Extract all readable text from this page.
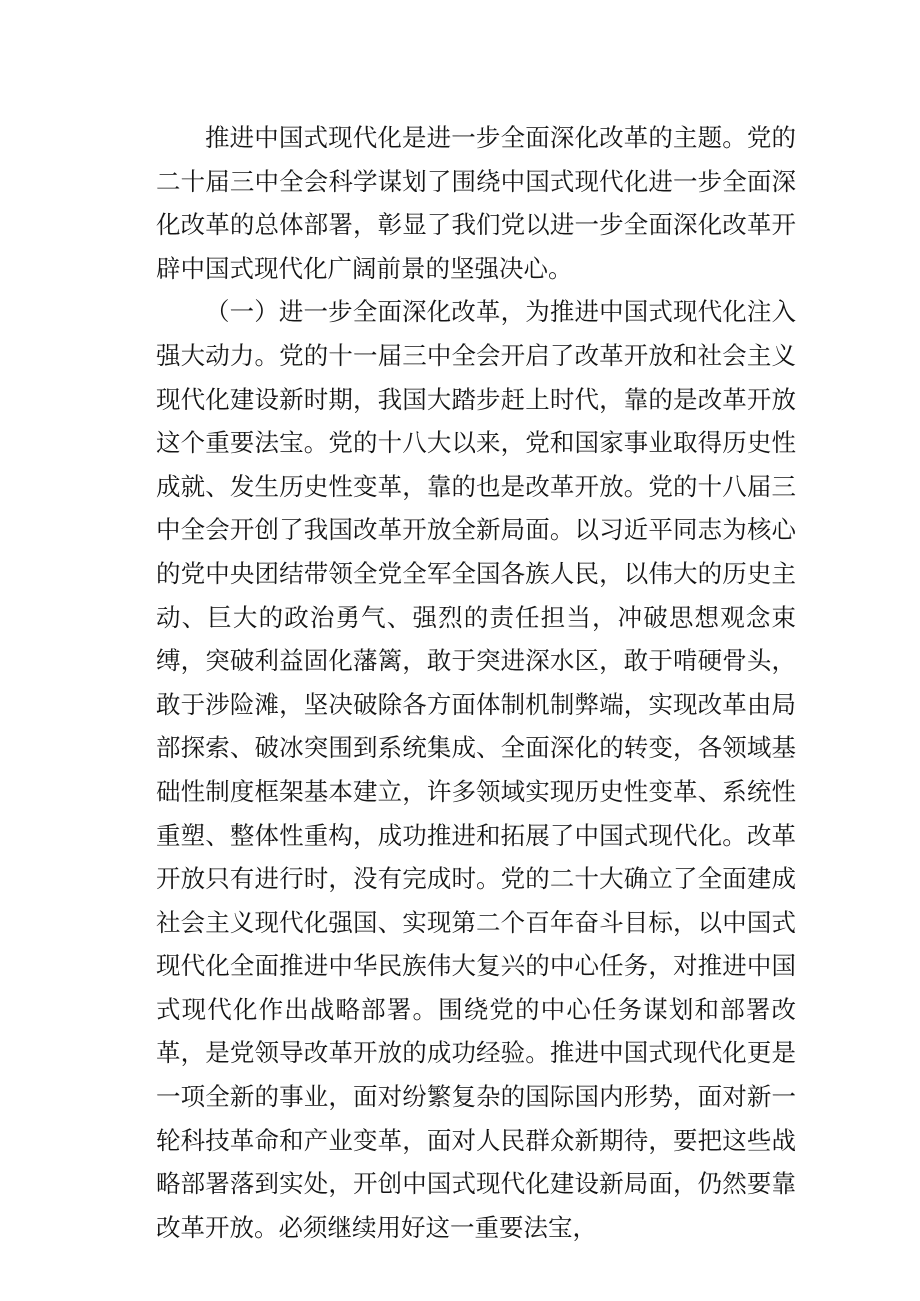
推进中国式现代化是进一步全面深化改革的主题。党的二十届三中全会科学谋划了围绕中国式现代化进一步全面深化改革的总体部署，彰显了我们党以进一步全面深化改革开辟中国式现代化广阔前景的坚强决心。

（一）进一步全面深化改革，为推进中国式现代化注入强大动力。党的十一届三中全会开启了改革开放和社会主义现代化建设新时期，我国大踏步赶上时代，靠的是改革开放这个重要法宝。党的十八大以来，党和国家事业取得历史性成就、发生历史性变革，靠的也是改革开放。党的十八届三中全会开创了我国改革开放全新局面。以习近平同志为核心的党中央团结带领全党全军全国各族人民，以伟大的历史主动、巨大的政治勇气、强烈的责任担当，冲破思想观念束缚，突破利益固化藩篱，敢于突进深水区，敢于啃硬骨头，敢于涉险滩，坚决破除各方面体制机制弊端，实现改革由局部探索、破冰突围到系统集成、全面深化的转变，各领域基础性制度框架基本建立，许多领域实现历史性变革、系统性重塑、整体性重构，成功推进和拓展了中国式现代化。改革开放只有进行时，没有完成时。党的二十大确立了全面建成社会主义现代化强国、实现第二个百年奋斗目标，以中国式现代化全面推进中华民族伟大复兴的中心任务，对推进中国式现代化作出战略部署。围绕党的中心任务谋划和部署改革，是党领导改革开放的成功经验。推进中国式现代化更是一项全新的事业，面对纷繁复杂的国际国内形势，面对新一轮科技革命和产业变革，面对人民群众新期待，要把这些战略部署落到实处，开创中国式现代化建设新局面，仍然要靠改革开放。必须继续用好这一重要法宝，
